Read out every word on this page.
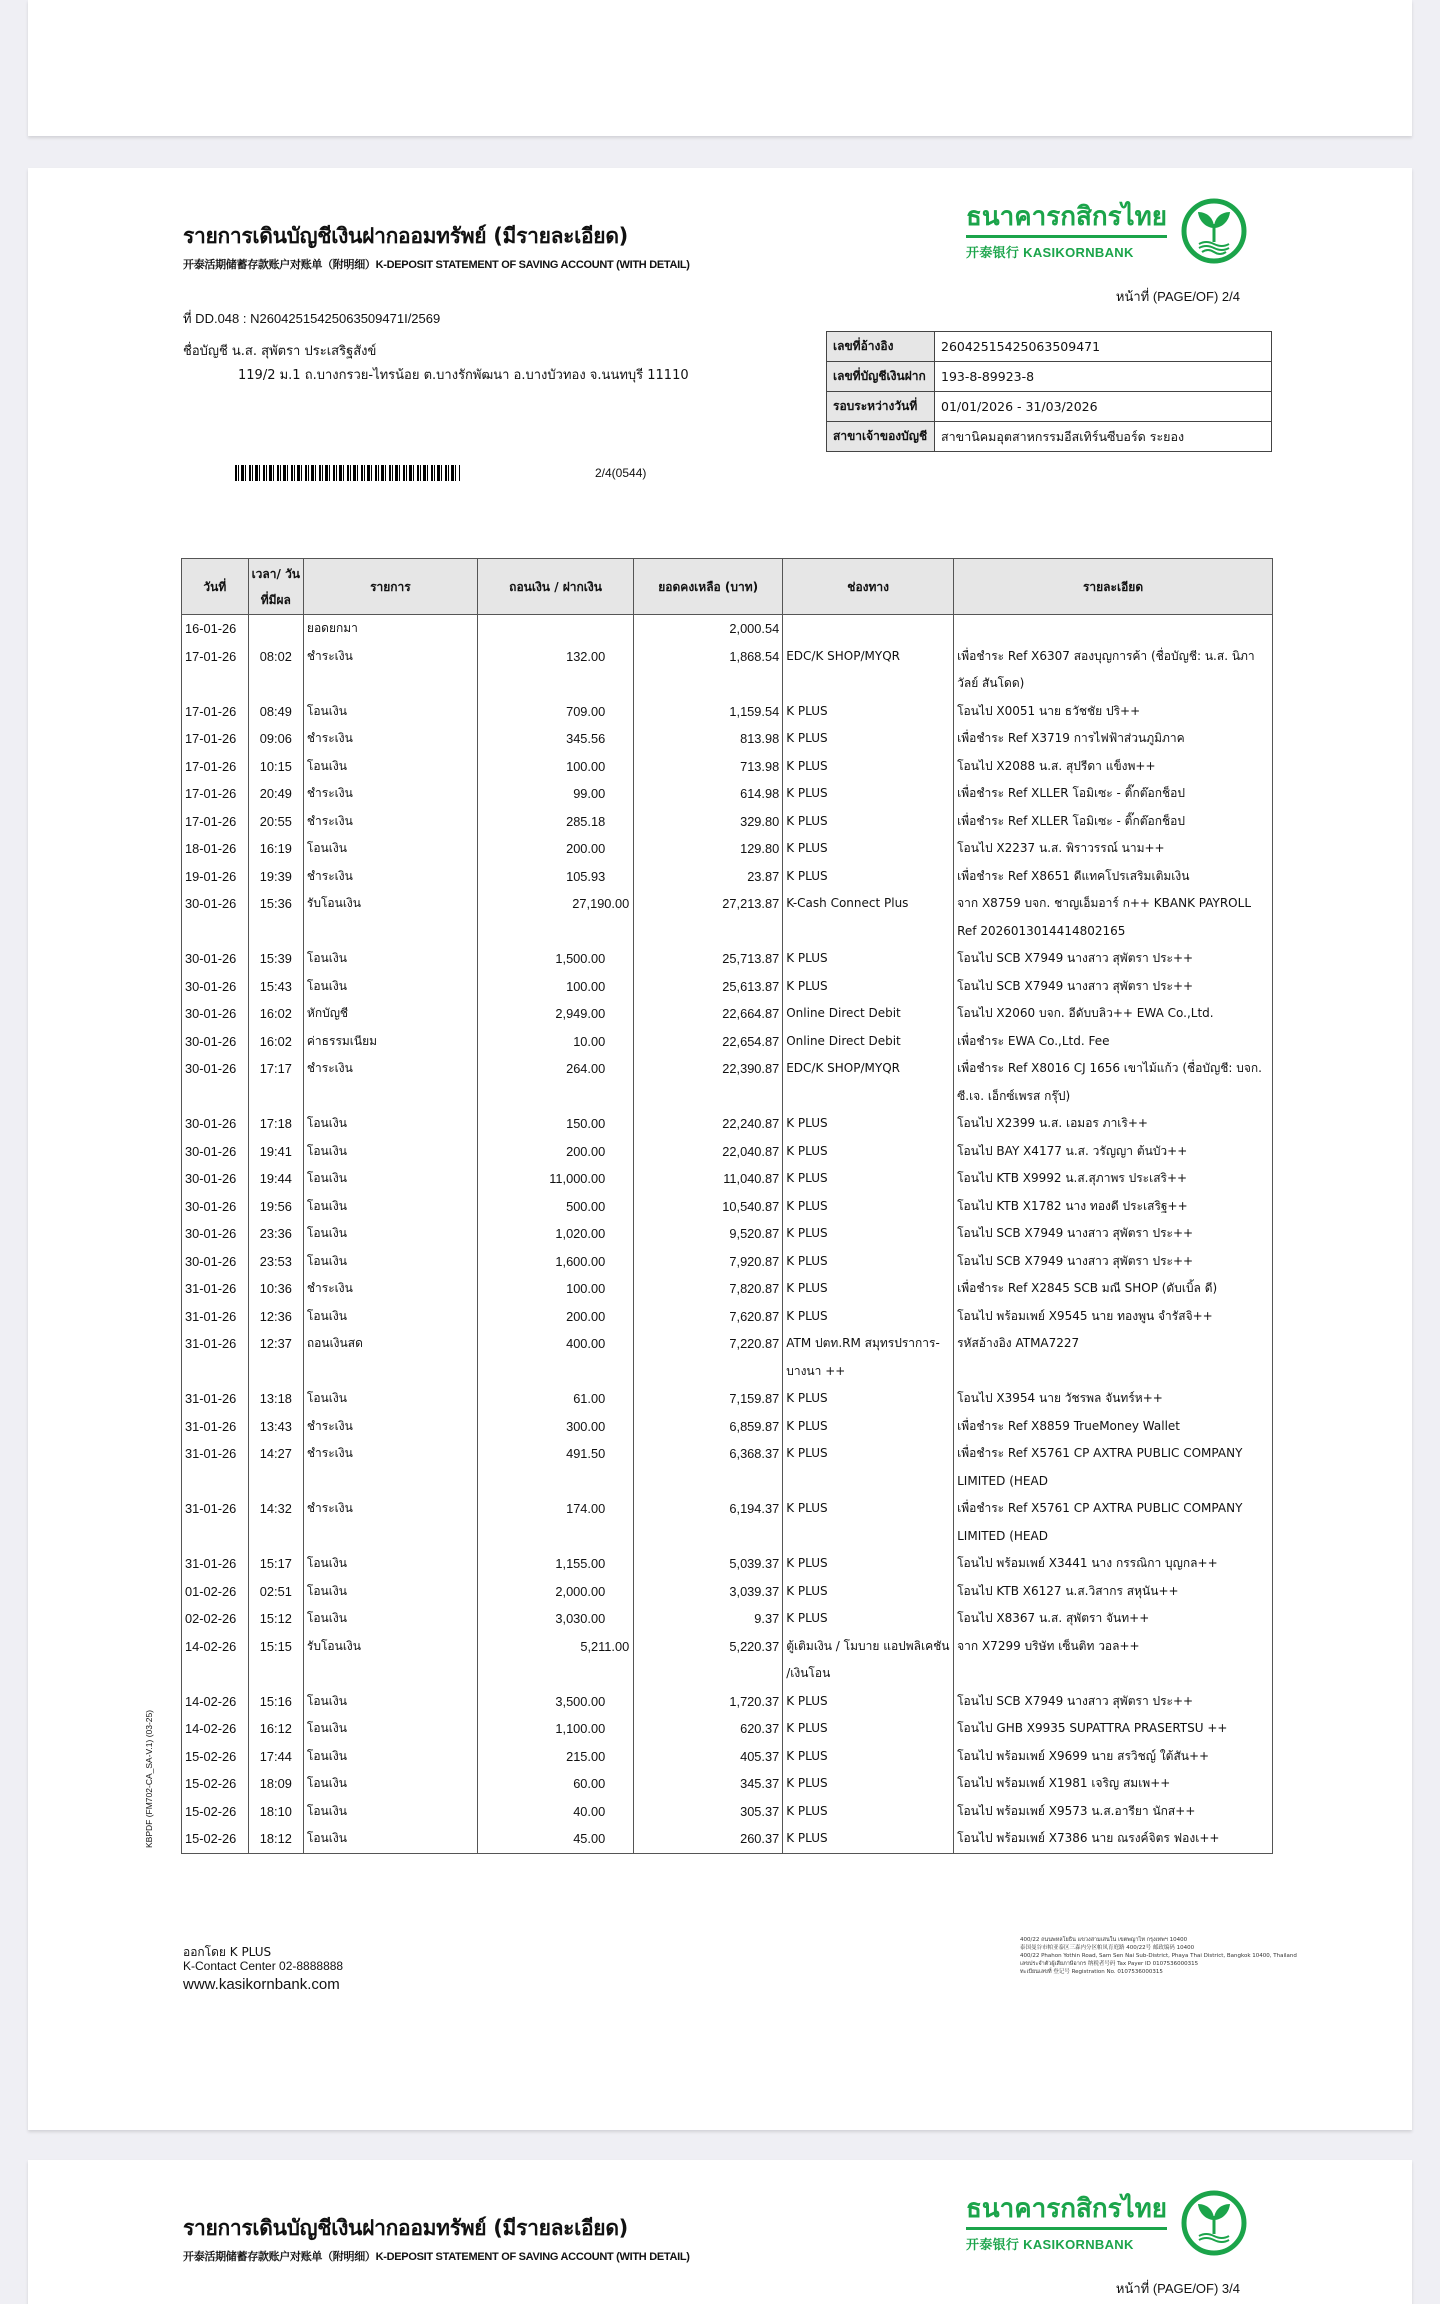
รายการเดินบัญชีเงินฝากออมทรัพย์ (มีรายละเอียด)
开泰活期储蓄存款账户对账单（附明细）K-DEPOSIT STATEMENT OF SAVING ACCOUNT (WITH DETAIL)
ธนาคารกสิกรไทย
开泰银行 KASIKORNBANK
หน้าที่ (PAGE/OF) 2/4
ที่ DD.048 : N26042515425063509471I/2569
ชื่อบัญชี น.ส. สุพัตรา ประเสริฐสังข์
119/2 ม.1 ถ.บางกรวย-ไทรน้อย ต.บางรักพัฒนา อ.บางบัวทอง จ.นนทบุรี 11110
เลขที่อ้างอิง	26042515425063509471
เลขที่บัญชีเงินฝาก	193-8-89923-8
รอบระหว่างวันที่	01/01/2026 - 31/03/2026
สาขาเจ้าของบัญชี	สาขานิคมอุตสาหกรรมอีสเทิร์นซีบอร์ด ระยอง
2/4(0544)
วันที่	เวลา/ วันที่มีผล	รายการ	ถอนเงิน / ฝากเงิน	ยอดคงเหลือ (บาท)	ช่องทาง	รายละเอียด
16-01-26		ยอดยกมา		2,000.54		
17-01-26	08:02	ชำระเงิน	132.00	1,868.54	EDC/K SHOP/MYQR	เพื่อชำระ Ref X6307 สองบุญการค้า (ชื่อบัญชี: น.ส. นิภาวัลย์ สันโดด)
17-01-26	08:49	โอนเงิน	709.00	1,159.54	K PLUS	โอนไป X0051 นาย ธวัชชัย ปริ++
17-01-26	09:06	ชำระเงิน	345.56	813.98	K PLUS	เพื่อชำระ Ref X3719 การไฟฟ้าส่วนภูมิภาค
17-01-26	10:15	โอนเงิน	100.00	713.98	K PLUS	โอนไป X2088 น.ส. สุปรีดา แข็งพ++
17-01-26	20:49	ชำระเงิน	99.00	614.98	K PLUS	เพื่อชำระ Ref XLLER โอมิเซะ - ติ๊กต๊อกช็อป
17-01-26	20:55	ชำระเงิน	285.18	329.80	K PLUS	เพื่อชำระ Ref XLLER โอมิเซะ - ติ๊กต๊อกช็อป
18-01-26	16:19	โอนเงิน	200.00	129.80	K PLUS	โอนไป X2237 น.ส. พิราวรรณ์ นาม++
19-01-26	19:39	ชำระเงิน	105.93	23.87	K PLUS	เพื่อชำระ Ref X8651 ดีแทคโปรเสริมเติมเงิน
30-01-26	15:36	รับโอนเงิน	27,190.00	27,213.87	K-Cash Connect Plus	จาก X8759 บจก. ชาญเอ็มอาร์ ก++ KBANK PAYROLL Ref 2026013014414802165
30-01-26	15:39	โอนเงิน	1,500.00	25,713.87	K PLUS	โอนไป SCB X7949 นางสาว สุพัตรา ประ++
30-01-26	15:43	โอนเงิน	100.00	25,613.87	K PLUS	โอนไป SCB X7949 นางสาว สุพัตรา ประ++
30-01-26	16:02	หักบัญชี	2,949.00	22,664.87	Online Direct Debit	โอนไป X2060 บจก. อีดับบลิว++ EWA Co.,Ltd.
30-01-26	16:02	ค่าธรรมเนียม	10.00	22,654.87	Online Direct Debit	เพื่อชำระ EWA Co.,Ltd. Fee
30-01-26	17:17	ชำระเงิน	264.00	22,390.87	EDC/K SHOP/MYQR	เพื่อชำระ Ref X8016 CJ 1656 เขาไม้แก้ว (ชื่อบัญชี: บจก. ซี.เจ. เอ็กซ์เพรส กรุ๊ป)
30-01-26	17:18	โอนเงิน	150.00	22,240.87	K PLUS	โอนไป X2399 น.ส. เอมอร ภาเริ++
30-01-26	19:41	โอนเงิน	200.00	22,040.87	K PLUS	โอนไป BAY X4177 น.ส. วรัญญา ต้นบัว++
30-01-26	19:44	โอนเงิน	11,000.00	11,040.87	K PLUS	โอนไป KTB X9992 น.ส.สุภาพร ประเสริ++
30-01-26	19:56	โอนเงิน	500.00	10,540.87	K PLUS	โอนไป KTB X1782 นาง ทองดี ประเสริฐ++
30-01-26	23:36	โอนเงิน	1,020.00	9,520.87	K PLUS	โอนไป SCB X7949 นางสาว สุพัตรา ประ++
30-01-26	23:53	โอนเงิน	1,600.00	7,920.87	K PLUS	โอนไป SCB X7949 นางสาว สุพัตรา ประ++
31-01-26	10:36	ชำระเงิน	100.00	7,820.87	K PLUS	เพื่อชำระ Ref X2845 SCB มณี SHOP (ดับเบิ้ล ดี)
31-01-26	12:36	โอนเงิน	200.00	7,620.87	K PLUS	โอนไป พร้อมเพย์ X9545 นาย ทองพูน จำรัสจิ++
31-01-26	12:37	ถอนเงินสด	400.00	7,220.87	ATM ปตท.RM สมุทรปราการ-บางนา ++	รหัสอ้างอิง ATMA7227
31-01-26	13:18	โอนเงิน	61.00	7,159.87	K PLUS	โอนไป X3954 นาย วัชรพล จันทร์ห++
31-01-26	13:43	ชำระเงิน	300.00	6,859.87	K PLUS	เพื่อชำระ Ref X8859 TrueMoney Wallet
31-01-26	14:27	ชำระเงิน	491.50	6,368.37	K PLUS	เพื่อชำระ Ref X5761 CP AXTRA PUBLIC COMPANY LIMITED (HEAD
31-01-26	14:32	ชำระเงิน	174.00	6,194.37	K PLUS	เพื่อชำระ Ref X5761 CP AXTRA PUBLIC COMPANY LIMITED (HEAD
31-01-26	15:17	โอนเงิน	1,155.00	5,039.37	K PLUS	โอนไป พร้อมเพย์ X3441 นาง กรรณิกา บุญกล++
01-02-26	02:51	โอนเงิน	2,000.00	3,039.37	K PLUS	โอนไป KTB X6127 น.ส.วิสากร สหุนัน++
02-02-26	15:12	โอนเงิน	3,030.00	9.37	K PLUS	โอนไป X8367 น.ส. สุพัตรา จันท++
14-02-26	15:15	รับโอนเงิน	5,211.00	5,220.37	ตู้เติมเงิน / โมบาย แอปพลิเคชัน /เงินโอน	จาก X7299 บริษัท เซ็นติท วอล++
14-02-26	15:16	โอนเงิน	3,500.00	1,720.37	K PLUS	โอนไป SCB X7949 นางสาว สุพัตรา ประ++
14-02-26	16:12	โอนเงิน	1,100.00	620.37	K PLUS	โอนไป GHB X9935 SUPATTRA PRASERTSU ++
15-02-26	17:44	โอนเงิน	215.00	405.37	K PLUS	โอนไป พร้อมเพย์ X9699 นาย สรวิชญ์ ใต้สัน++
15-02-26	18:09	โอนเงิน	60.00	345.37	K PLUS	โอนไป พร้อมเพย์ X1981 เจริญ สมเพ++
15-02-26	18:10	โอนเงิน	40.00	305.37	K PLUS	โอนไป พร้อมเพย์ X9573 น.ส.อารียา นักส++
15-02-26	18:12	โอนเงิน	45.00	260.37	K PLUS	โอนไป พร้อมเพย์ X7386 นาย ณรงค์จิตร ฟองเ++
KBPDF (FM702-CA_SA-V.1) (03-25)
ออกโดย K PLUS
K-Contact Center 02-8888888
www.kasikornbank.com
400/22 ถนนพหลโยธิน แขวงสามเสนใน เขตพญาไท กรุงเทพฯ 10400
泰国曼谷市帕亚泰区三森内分区帕凤育庭路 400/22号 邮政编码 10400
400/22 Phahon Yothin Road, Sam Sen Nai Sub-District, Phaya Thai District, Bangkok 10400, Thailand
เลขประจำตัวผู้เสียภาษีอากร 纳税者号码 Tax Payer ID 0107536000315
ทะเบียนเลขที่ 登记号 Registration No. 0107536000315
รายการเดินบัญชีเงินฝากออมทรัพย์ (มีรายละเอียด)
开泰活期储蓄存款账户对账单（附明细）K-DEPOSIT STATEMENT OF SAVING ACCOUNT (WITH DETAIL)
ธนาคารกสิกรไทย
开泰银行 KASIKORNBANK
หน้าที่ (PAGE/OF) 3/4
